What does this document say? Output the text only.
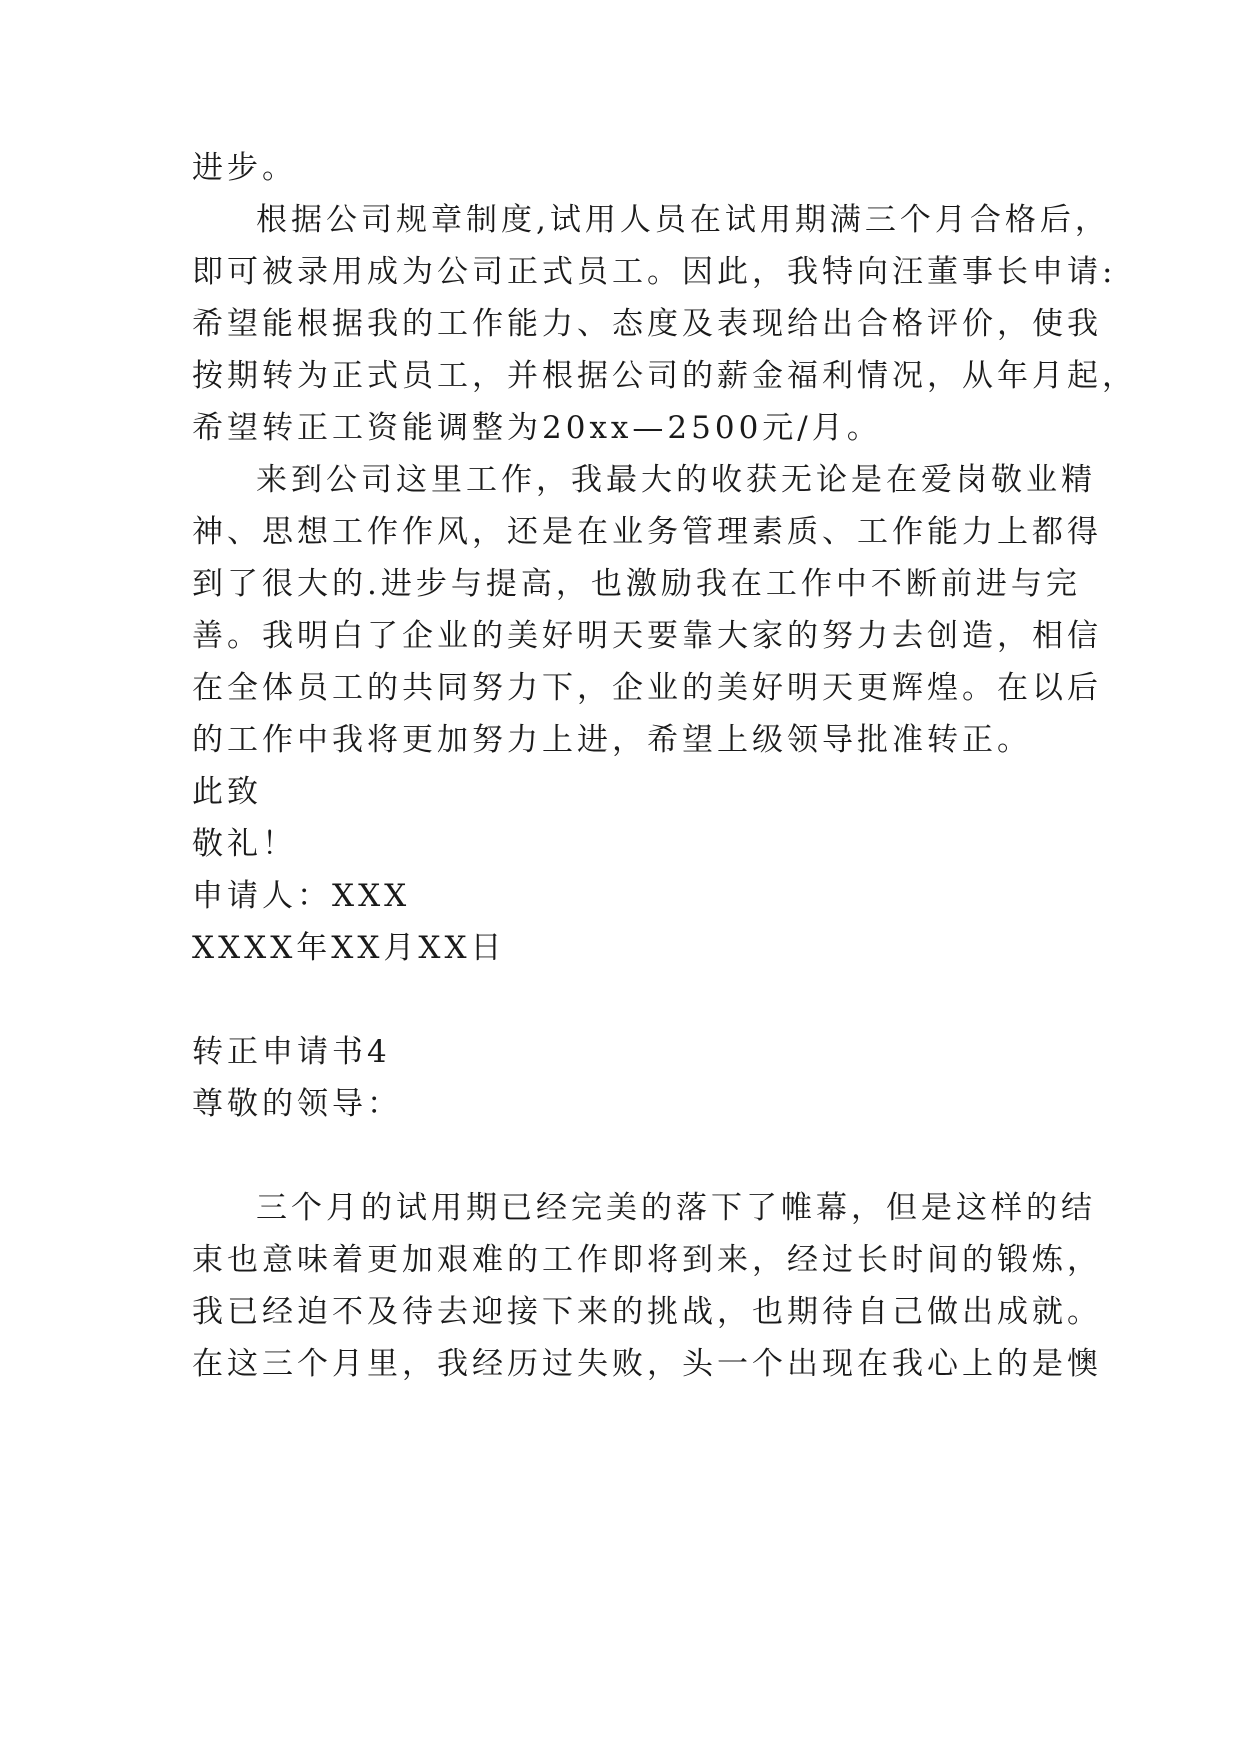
进步。
根据公司规章制度,试用人员在试用期满三个月合格后，
即可被录用成为公司正式员工。因此，我特向汪董事长申请:
希望能根据我的工作能力、态度及表现给出合格评价，使我
按期转为正式员工，并根据公司的薪金福利情况，从年月起，
希望转正工资能调整为20xx—2500元/月。
来到公司这里工作，我最大的收获无论是在爱岗敬业精
神、思想工作作风，还是在业务管理素质、工作能力上都得
到了很大的.进步与提高，也激励我在工作中不断前进与完
善。我明白了企业的美好明天要靠大家的努力去创造，相信
在全体员工的共同努力下，企业的美好明天更辉煌。在以后
的工作中我将更加努力上进，希望上级领导批准转正。
此致
敬礼！
申请人：XXX
XXXX年XX月XX日
转正申请书4
尊敬的领导：
三个月的试用期已经完美的落下了帷幕，但是这样的结
束也意味着更加艰难的工作即将到来，经过长时间的锻炼，
我已经迫不及待去迎接下来的挑战，也期待自己做出成就。
在这三个月里，我经历过失败，头一个出现在我心上的是懊
